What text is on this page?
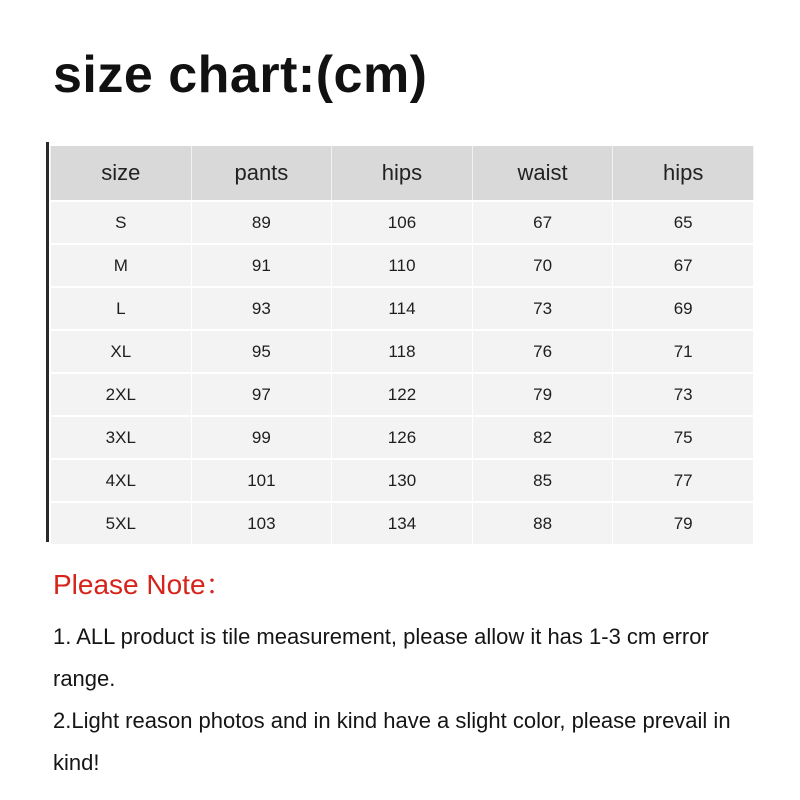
size chart:(cm)
size	pants	hips	waist	hips
S	89	106	67	65
M	91	110	70	67
L	93	114	73	69
XL	95	118	76	71
2XL	97	122	79	73
3XL	99	126	82	75
4XL	101	130	85	77
5XL	103	134	88	79

Please Note：

1. ALL product is tile measurement, please allow it has 1-3 cm error range.

2.Light reason photos and in kind have a slight color, please prevail in kind!
